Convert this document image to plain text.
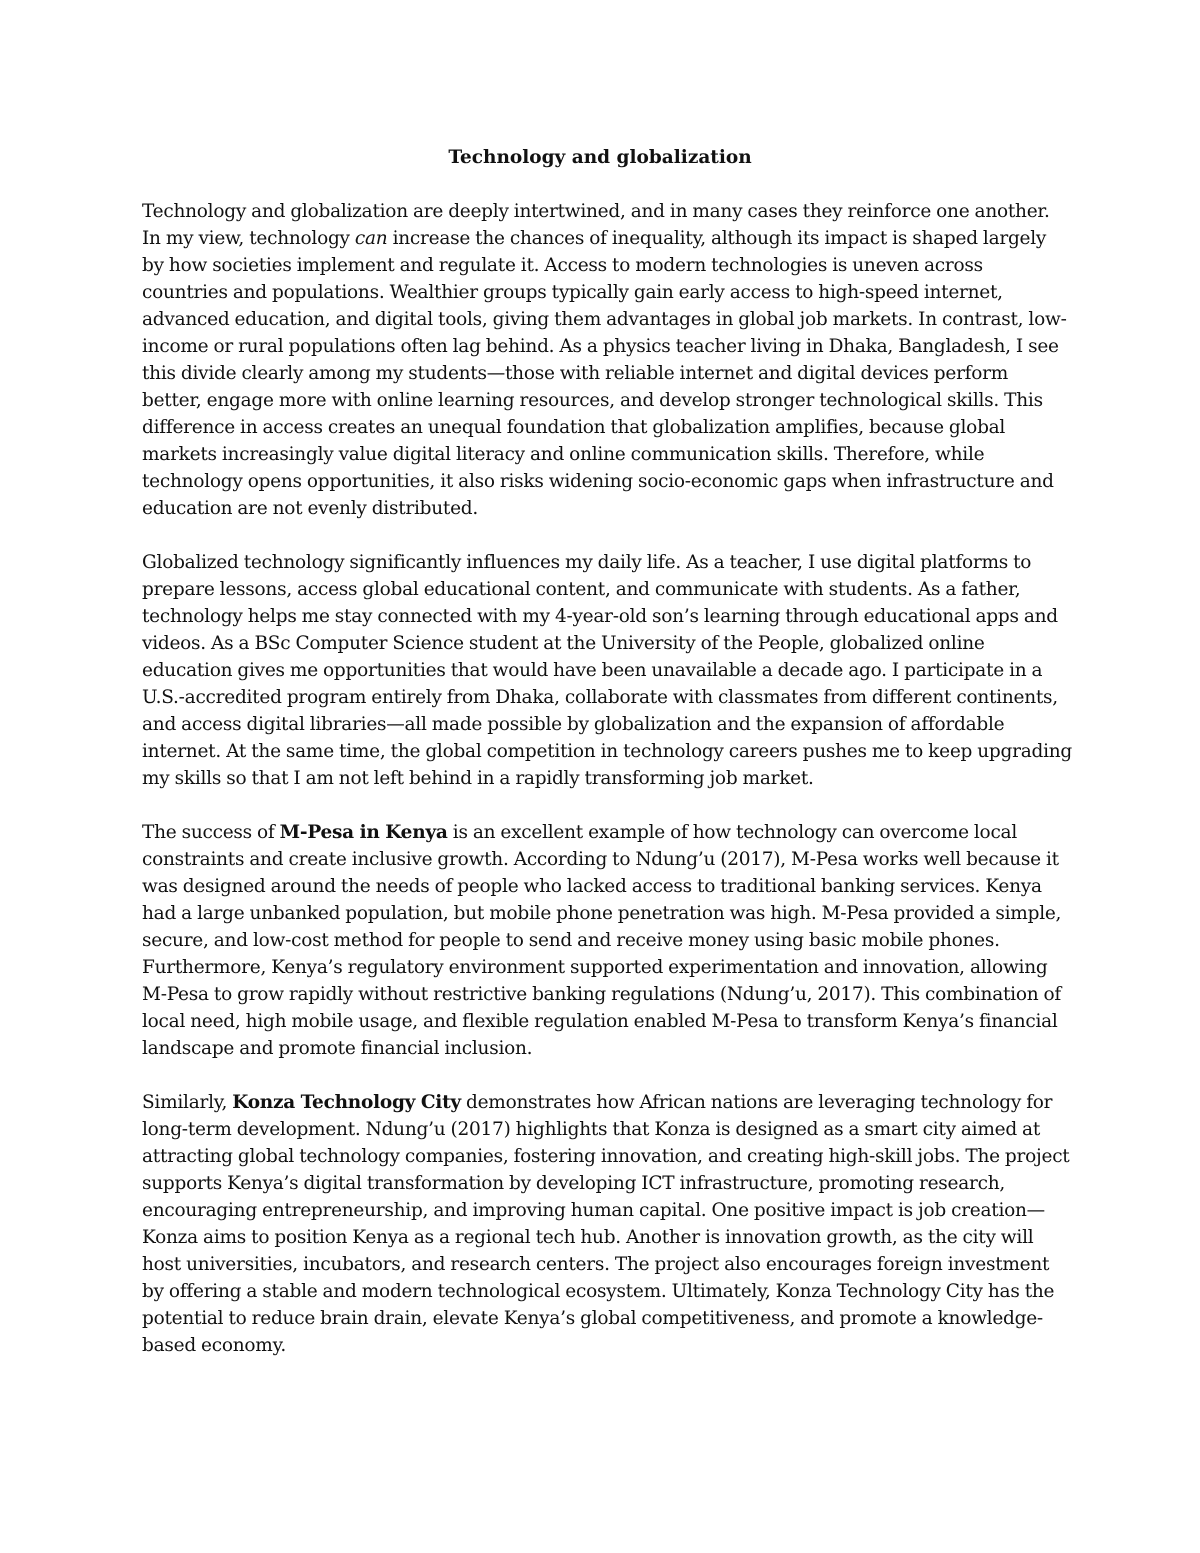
Technology and globalization

Technology and globalization are deeply intertwined, and in many cases they reinforce one another. In my view, technology can increase the chances of inequality, although its impact is shaped largely by how societies implement and regulate it. Access to modern technologies is uneven across countries and populations. Wealthier groups typically gain early access to high-speed internet, advanced education, and digital tools, giving them advantages in global job markets. In contrast, low-income or rural populations often lag behind. As a physics teacher living in Dhaka, Bangladesh, I see this divide clearly among my students—those with reliable internet and digital devices perform better, engage more with online learning resources, and develop stronger technological skills. This difference in access creates an unequal foundation that globalization amplifies, because global markets increasingly value digital literacy and online communication skills. Therefore, while technology opens opportunities, it also risks widening socio-economic gaps when infrastructure and education are not evenly distributed.

Globalized technology significantly influences my daily life. As a teacher, I use digital platforms to prepare lessons, access global educational content, and communicate with students. As a father, technology helps me stay connected with my 4-year-old son’s learning through educational apps and videos. As a BSc Computer Science student at the University of the People, globalized online education gives me opportunities that would have been unavailable a decade ago. I participate in a U.S.-accredited program entirely from Dhaka, collaborate with classmates from different continents, and access digital libraries—all made possible by globalization and the expansion of affordable internet. At the same time, the global competition in technology careers pushes me to keep upgrading my skills so that I am not left behind in a rapidly transforming job market.

The success of M-Pesa in Kenya is an excellent example of how technology can overcome local constraints and create inclusive growth. According to Ndung’u (2017), M-Pesa works well because it was designed around the needs of people who lacked access to traditional banking services. Kenya had a large unbanked population, but mobile phone penetration was high. M-Pesa provided a simple, secure, and low-cost method for people to send and receive money using basic mobile phones. Furthermore, Kenya’s regulatory environment supported experimentation and innovation, allowing M-Pesa to grow rapidly without restrictive banking regulations (Ndung’u, 2017). This combination of local need, high mobile usage, and flexible regulation enabled M-Pesa to transform Kenya’s financial landscape and promote financial inclusion.

Similarly, Konza Technology City demonstrates how African nations are leveraging technology for long-term development. Ndung’u (2017) highlights that Konza is designed as a smart city aimed at attracting global technology companies, fostering innovation, and creating high-skill jobs. The project supports Kenya’s digital transformation by developing ICT infrastructure, promoting research, encouraging entrepreneurship, and improving human capital. One positive impact is job creation—Konza aims to position Kenya as a regional tech hub. Another is innovation growth, as the city will host universities, incubators, and research centers. The project also encourages foreign investment by offering a stable and modern technological ecosystem. Ultimately, Konza Technology City has the potential to reduce brain drain, elevate Kenya’s global competitiveness, and promote a knowledge-based economy.
